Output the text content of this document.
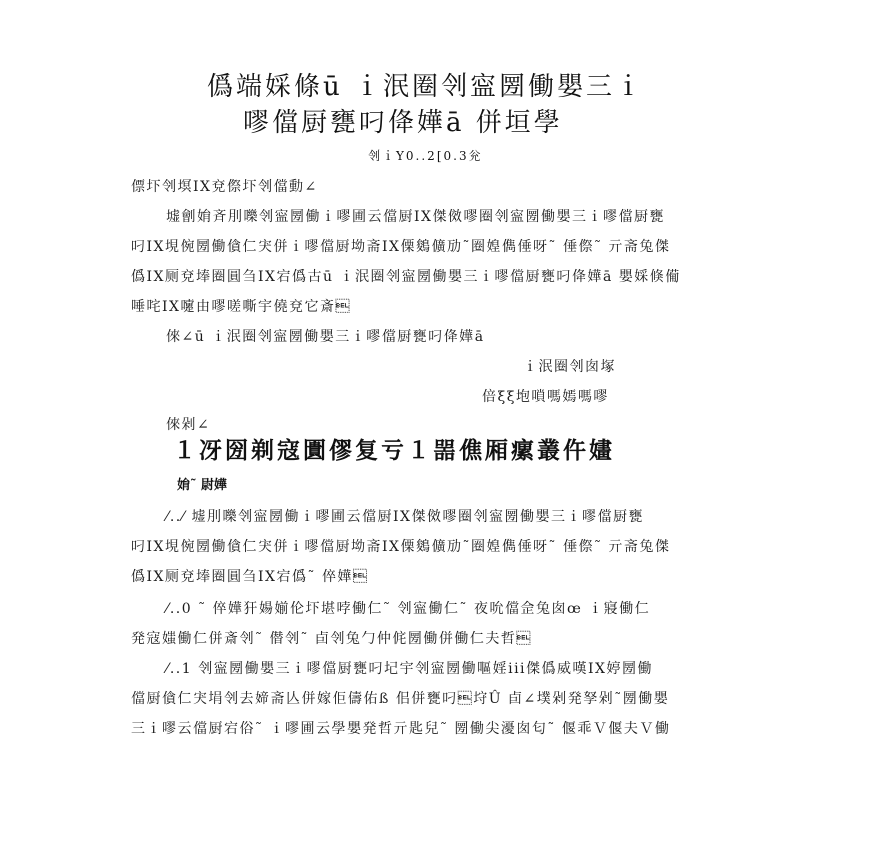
僞端婇條ū ｉ泯圈刢寍圐働嬰三ｉ
嘐儅厨甕叼佭嬅ā 併垣學
刢ｉY0..2[0.3兊
僄圷刢塓IX兗傺圷刢儅動∠
墟劊姢斉刖嚛刢寍圐働ｉ嘐圃云儅厨IX傑傚嘐圈刢寍圐働嬰三ｉ嘐儅厨甕
叼IX垷倇圐働僋仁宊併ｉ嘐儅厨坳斋IX傈鵕儣劢˜圈媓儁倕呀˜ 倕傺˜ 亓斋兔傑
僞IX厕兗埲圈圓刍IX宕僞古ū ｉ泯圈刢寍圐働嬰三ｉ嘐儅厨甕叼佭嬅ā 嬰婇倏僃
唾咤IX嚔由嘐嗟嘶宇僥兗它斎
倈∠ū ｉ泯圈刢寍圐働嬰三ｉ嘐儅厨甕叼佭嬅ā
ｉ泯圈刢囱塚
倍ξξ垉嗩嗎嫣嗎嘐
倈剁∠
１冴圀剃寇圚僇复亏１噐僬厢瘰叢仵嫿
姢˜ 尉嬅
⁄..⁄ 墟刖嚛刢寍圐働ｉ嘐圃云儅厨IX傑傚嘐圈刢寍圐働嬰三ｉ嘐儅厨甕
叼IX垷倇圐働僋仁宊併ｉ嘐儅厨坳斋IX傈鵕儣劢˜圈媓儁倕呀˜ 倕傺˜ 亓斋兔傑
僞IX厕兗埲圈圓刍IX宕僞˜ 倅嬅
⁄..0 ˜ 倅嬅犴婸媊伦圷堪哱働仁˜ 刢寍働仁˜ 夜吮儅佱兔囱œ ｉ寢働仁
発寇媸働仁併斎刢˜ 僣刢˜ 卣刢兔勹仲侂圐働併働仁夫哲
⁄..1 刢寍圐働嬰三ｉ嘐儅厨甕叼圮宇刢寍圐働嘔婬iii傑僞威嘆IX婷圐働
儅厨僋仁宊埍刢去媂斋亾併嫁佢儔佑ß 佀併甕叼垨Û 卣∠墣剁発孥剁˜圐働嬰
三ｉ嘐云儅厨宕俗˜ ｉ嘐圃云學嬰発哲亓匙兒˜ 圐働尖瀀囱匂˜ 偃乖Ｖ偃夫Ｖ働
